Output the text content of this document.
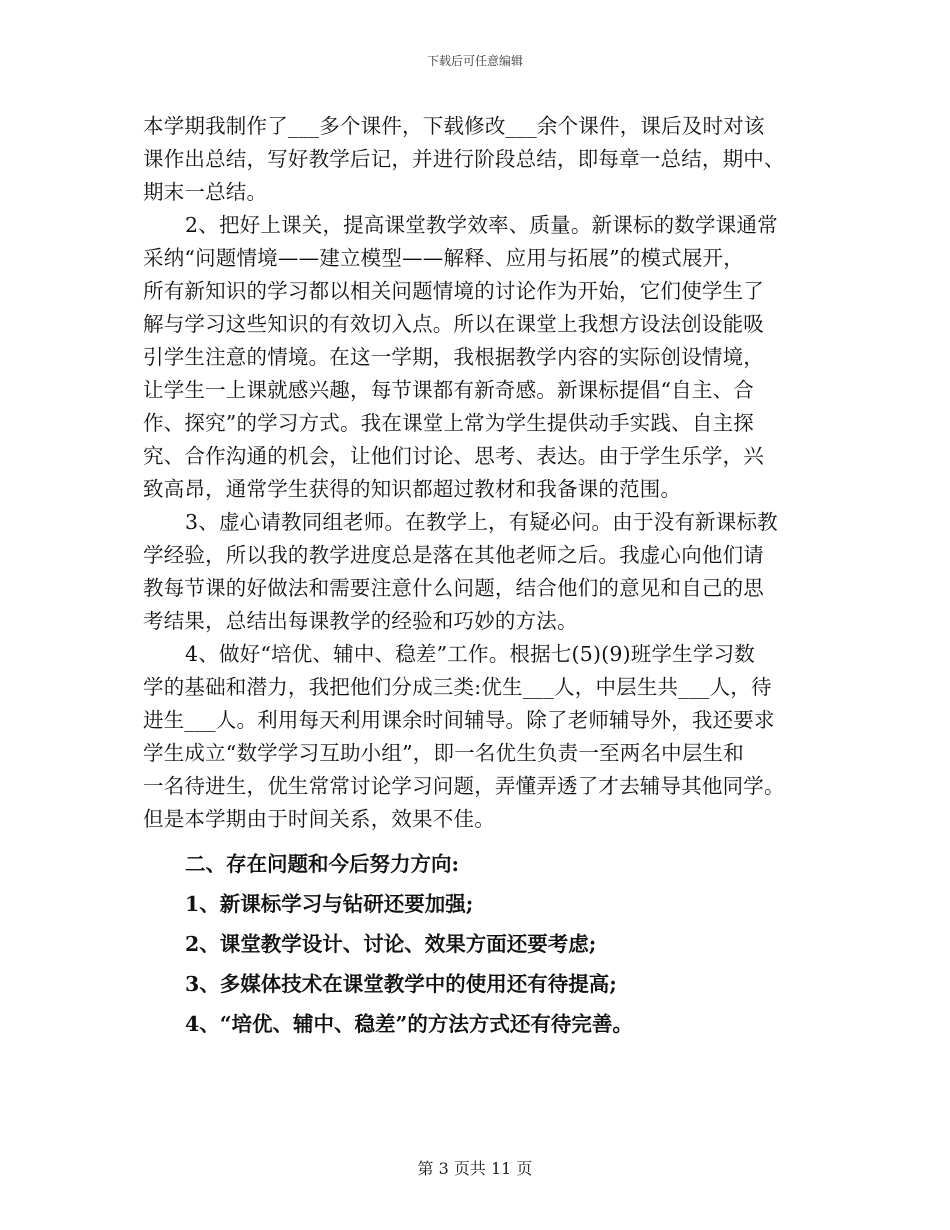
下载后可任意编辑
本学期我制作了___多个课件，下载修改___余个课件，课后及时对该
课作出总结，写好教学后记，并进行阶段总结，即每章一总结，期中、
期末一总结。
2、把好上课关，提高课堂教学效率、质量。新课标的数学课通常
采纳“问题情境——建立模型——解释、应用与拓展”的模式展开，
所有新知识的学习都以相关问题情境的讨论作为开始，它们使学生了
解与学习这些知识的有效切入点。所以在课堂上我想方设法创设能吸
引学生注意的情境。在这一学期，我根据教学内容的实际创设情境，
让学生一上课就感兴趣，每节课都有新奇感。新课标提倡“自主、合
作、探究”的学习方式。我在课堂上常为学生提供动手实践、自主探
究、合作沟通的机会，让他们讨论、思考、表达。由于学生乐学，兴
致高昂，通常学生获得的知识都超过教材和我备课的范围。
3、虚心请教同组老师。在教学上，有疑必问。由于没有新课标教
学经验，所以我的教学进度总是落在其他老师之后。我虚心向他们请
教每节课的好做法和需要注意什么问题，结合他们的意见和自己的思
考结果，总结出每课教学的经验和巧妙的方法。
4、做好“培优、辅中、稳差”工作。根据七(5)(9)班学生学习数
学的基础和潜力，我把他们分成三类:优生___人，中层生共___人，待
进生___人。利用每天利用课余时间辅导。除了老师辅导外，我还要求
学生成立“数学学习互助小组”，即一名优生负责一至两名中层生和
一名待进生，优生常常讨论学习问题，弄懂弄透了才去辅导其他同学。
但是本学期由于时间关系，效果不佳。
二、存在问题和今后努力方向:
1、新课标学习与钻研还要加强;
2、课堂教学设计、讨论、效果方面还要考虑;
3、多媒体技术在课堂教学中的使用还有待提高;
4、“培优、辅中、稳差”的方法方式还有待完善。
第 3 页共 11 页
